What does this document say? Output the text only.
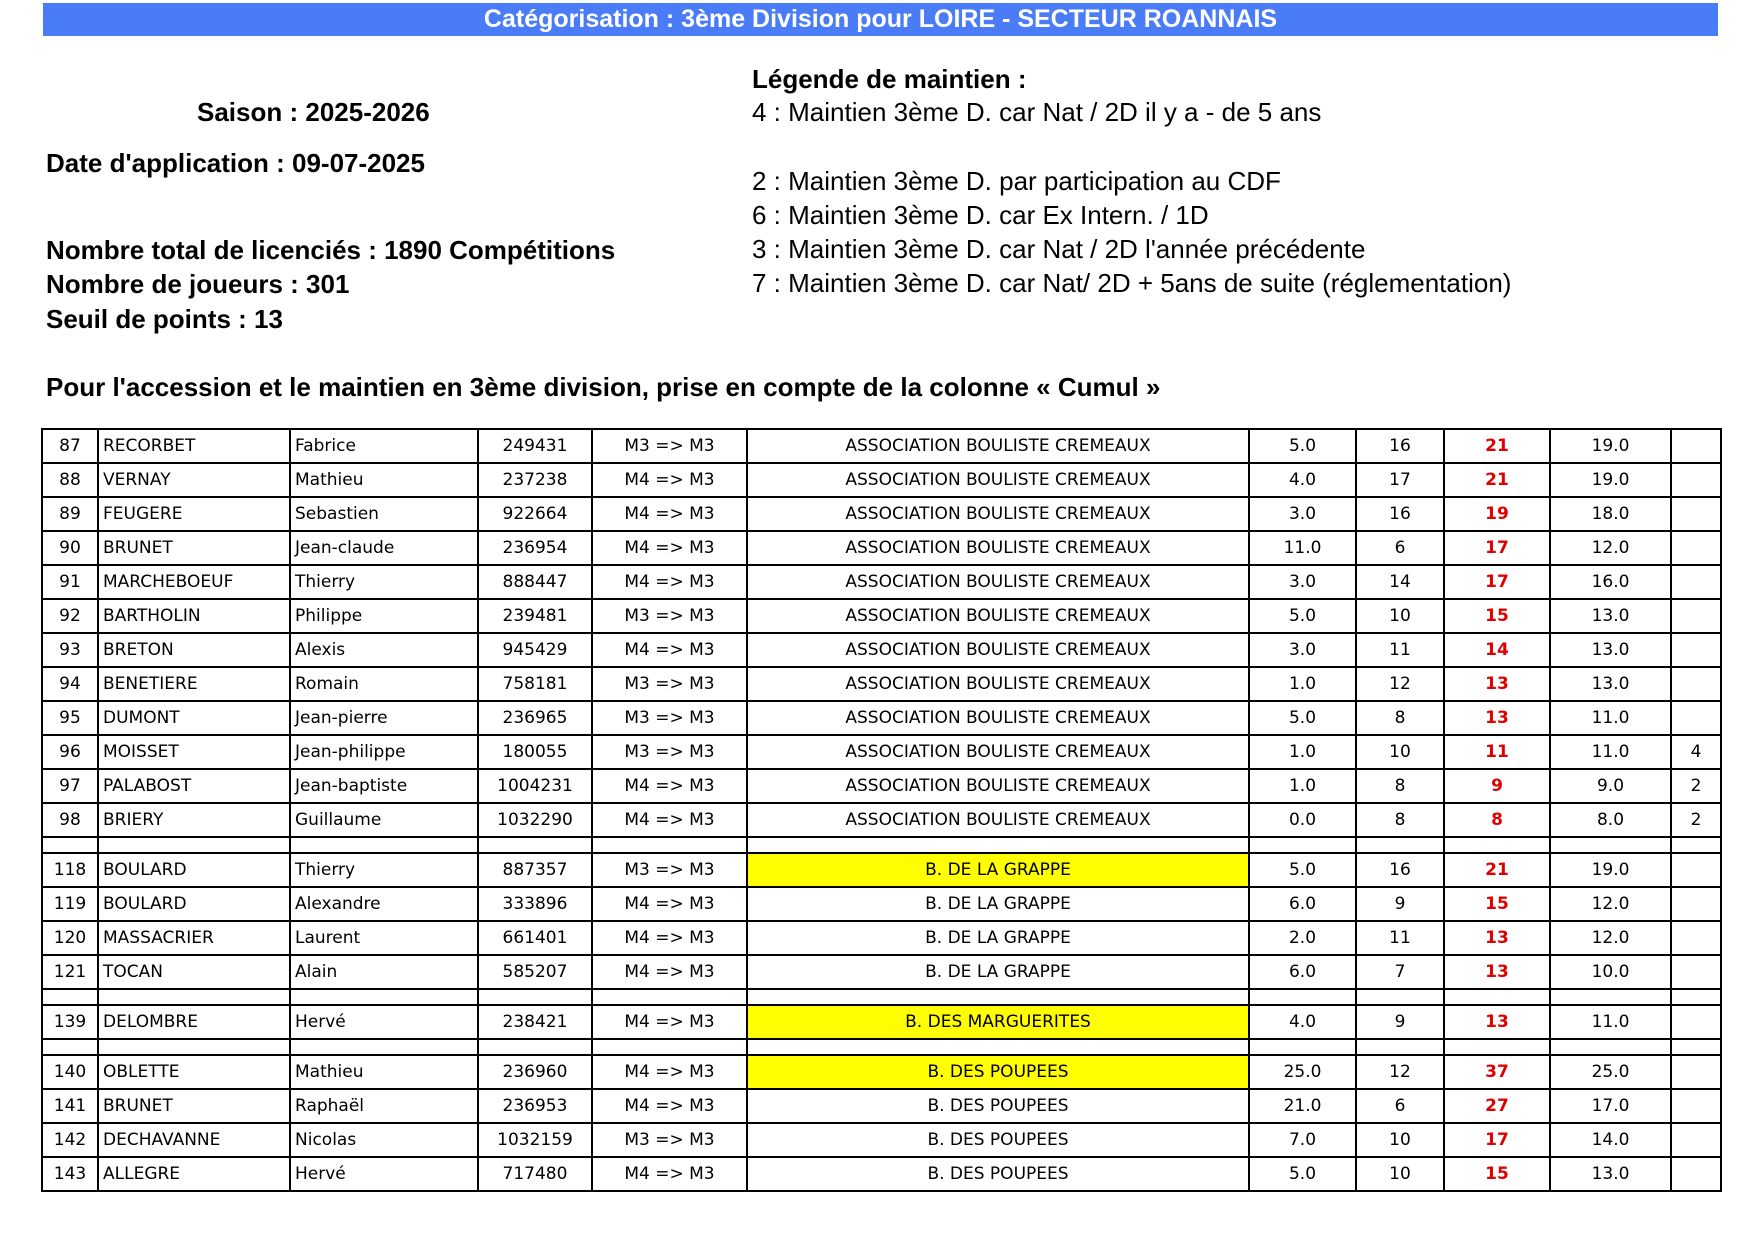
Catégorisation : 3ème Division pour LOIRE - SECTEUR ROANNAIS
Saison : 2025-2026
Date d'application : 09-07-2025
Nombre total de licenciés : 1890 Compétitions
Nombre de joueurs : 301
Seuil de points : 13
Légende de maintien :
4 : Maintien 3ème D. car Nat / 2D il y a - de 5 ans
2 : Maintien 3ème D. par participation au CDF
6 : Maintien 3ème D. car Ex Intern. / 1D
3 : Maintien 3ème D. car Nat / 2D l'année précédente
7 : Maintien 3ème D. car Nat/ 2D + 5ans de suite (réglementation)
Pour l'accession et le maintien en 3ème division, prise en compte de la colonne « Cumul »
87	RECORBET	Fabrice	249431	M3 => M3	ASSOCIATION BOULISTE CREMEAUX	5.0	16	21	19.0	
88	VERNAY	Mathieu	237238	M4 => M3	ASSOCIATION BOULISTE CREMEAUX	4.0	17	21	19.0	
89	FEUGERE	Sebastien	922664	M4 => M3	ASSOCIATION BOULISTE CREMEAUX	3.0	16	19	18.0	
90	BRUNET	Jean-claude	236954	M4 => M3	ASSOCIATION BOULISTE CREMEAUX	11.0	6	17	12.0	
91	MARCHEBOEUF	Thierry	888447	M4 => M3	ASSOCIATION BOULISTE CREMEAUX	3.0	14	17	16.0	
92	BARTHOLIN	Philippe	239481	M3 => M3	ASSOCIATION BOULISTE CREMEAUX	5.0	10	15	13.0	
93	BRETON	Alexis	945429	M4 => M3	ASSOCIATION BOULISTE CREMEAUX	3.0	11	14	13.0	
94	BENETIERE	Romain	758181	M3 => M3	ASSOCIATION BOULISTE CREMEAUX	1.0	12	13	13.0	
95	DUMONT	Jean-pierre	236965	M3 => M3	ASSOCIATION BOULISTE CREMEAUX	5.0	8	13	11.0	
96	MOISSET	Jean-philippe	180055	M3 => M3	ASSOCIATION BOULISTE CREMEAUX	1.0	10	11	11.0	4
97	PALABOST	Jean-baptiste	1004231	M4 => M3	ASSOCIATION BOULISTE CREMEAUX	1.0	8	9	9.0	2
98	BRIERY	Guillaume	1032290	M4 => M3	ASSOCIATION BOULISTE CREMEAUX	0.0	8	8	8.0	2

118	BOULARD	Thierry	887357	M3 => M3	B. DE LA GRAPPE	5.0	16	21	19.0	
119	BOULARD	Alexandre	333896	M4 => M3	B. DE LA GRAPPE	6.0	9	15	12.0	
120	MASSACRIER	Laurent	661401	M4 => M3	B. DE LA GRAPPE	2.0	11	13	12.0	
121	TOCAN	Alain	585207	M4 => M3	B. DE LA GRAPPE	6.0	7	13	10.0	

139	DELOMBRE	Hervé	238421	M4 => M3	B. DES MARGUERITES	4.0	9	13	11.0	

140	OBLETTE	Mathieu	236960	M4 => M3	B. DES POUPEES	25.0	12	37	25.0	
141	BRUNET	Raphaël	236953	M4 => M3	B. DES POUPEES	21.0	6	27	17.0	
142	DECHAVANNE	Nicolas	1032159	M3 => M3	B. DES POUPEES	7.0	10	17	14.0	
143	ALLEGRE	Hervé	717480	M4 => M3	B. DES POUPEES	5.0	10	15	13.0	
